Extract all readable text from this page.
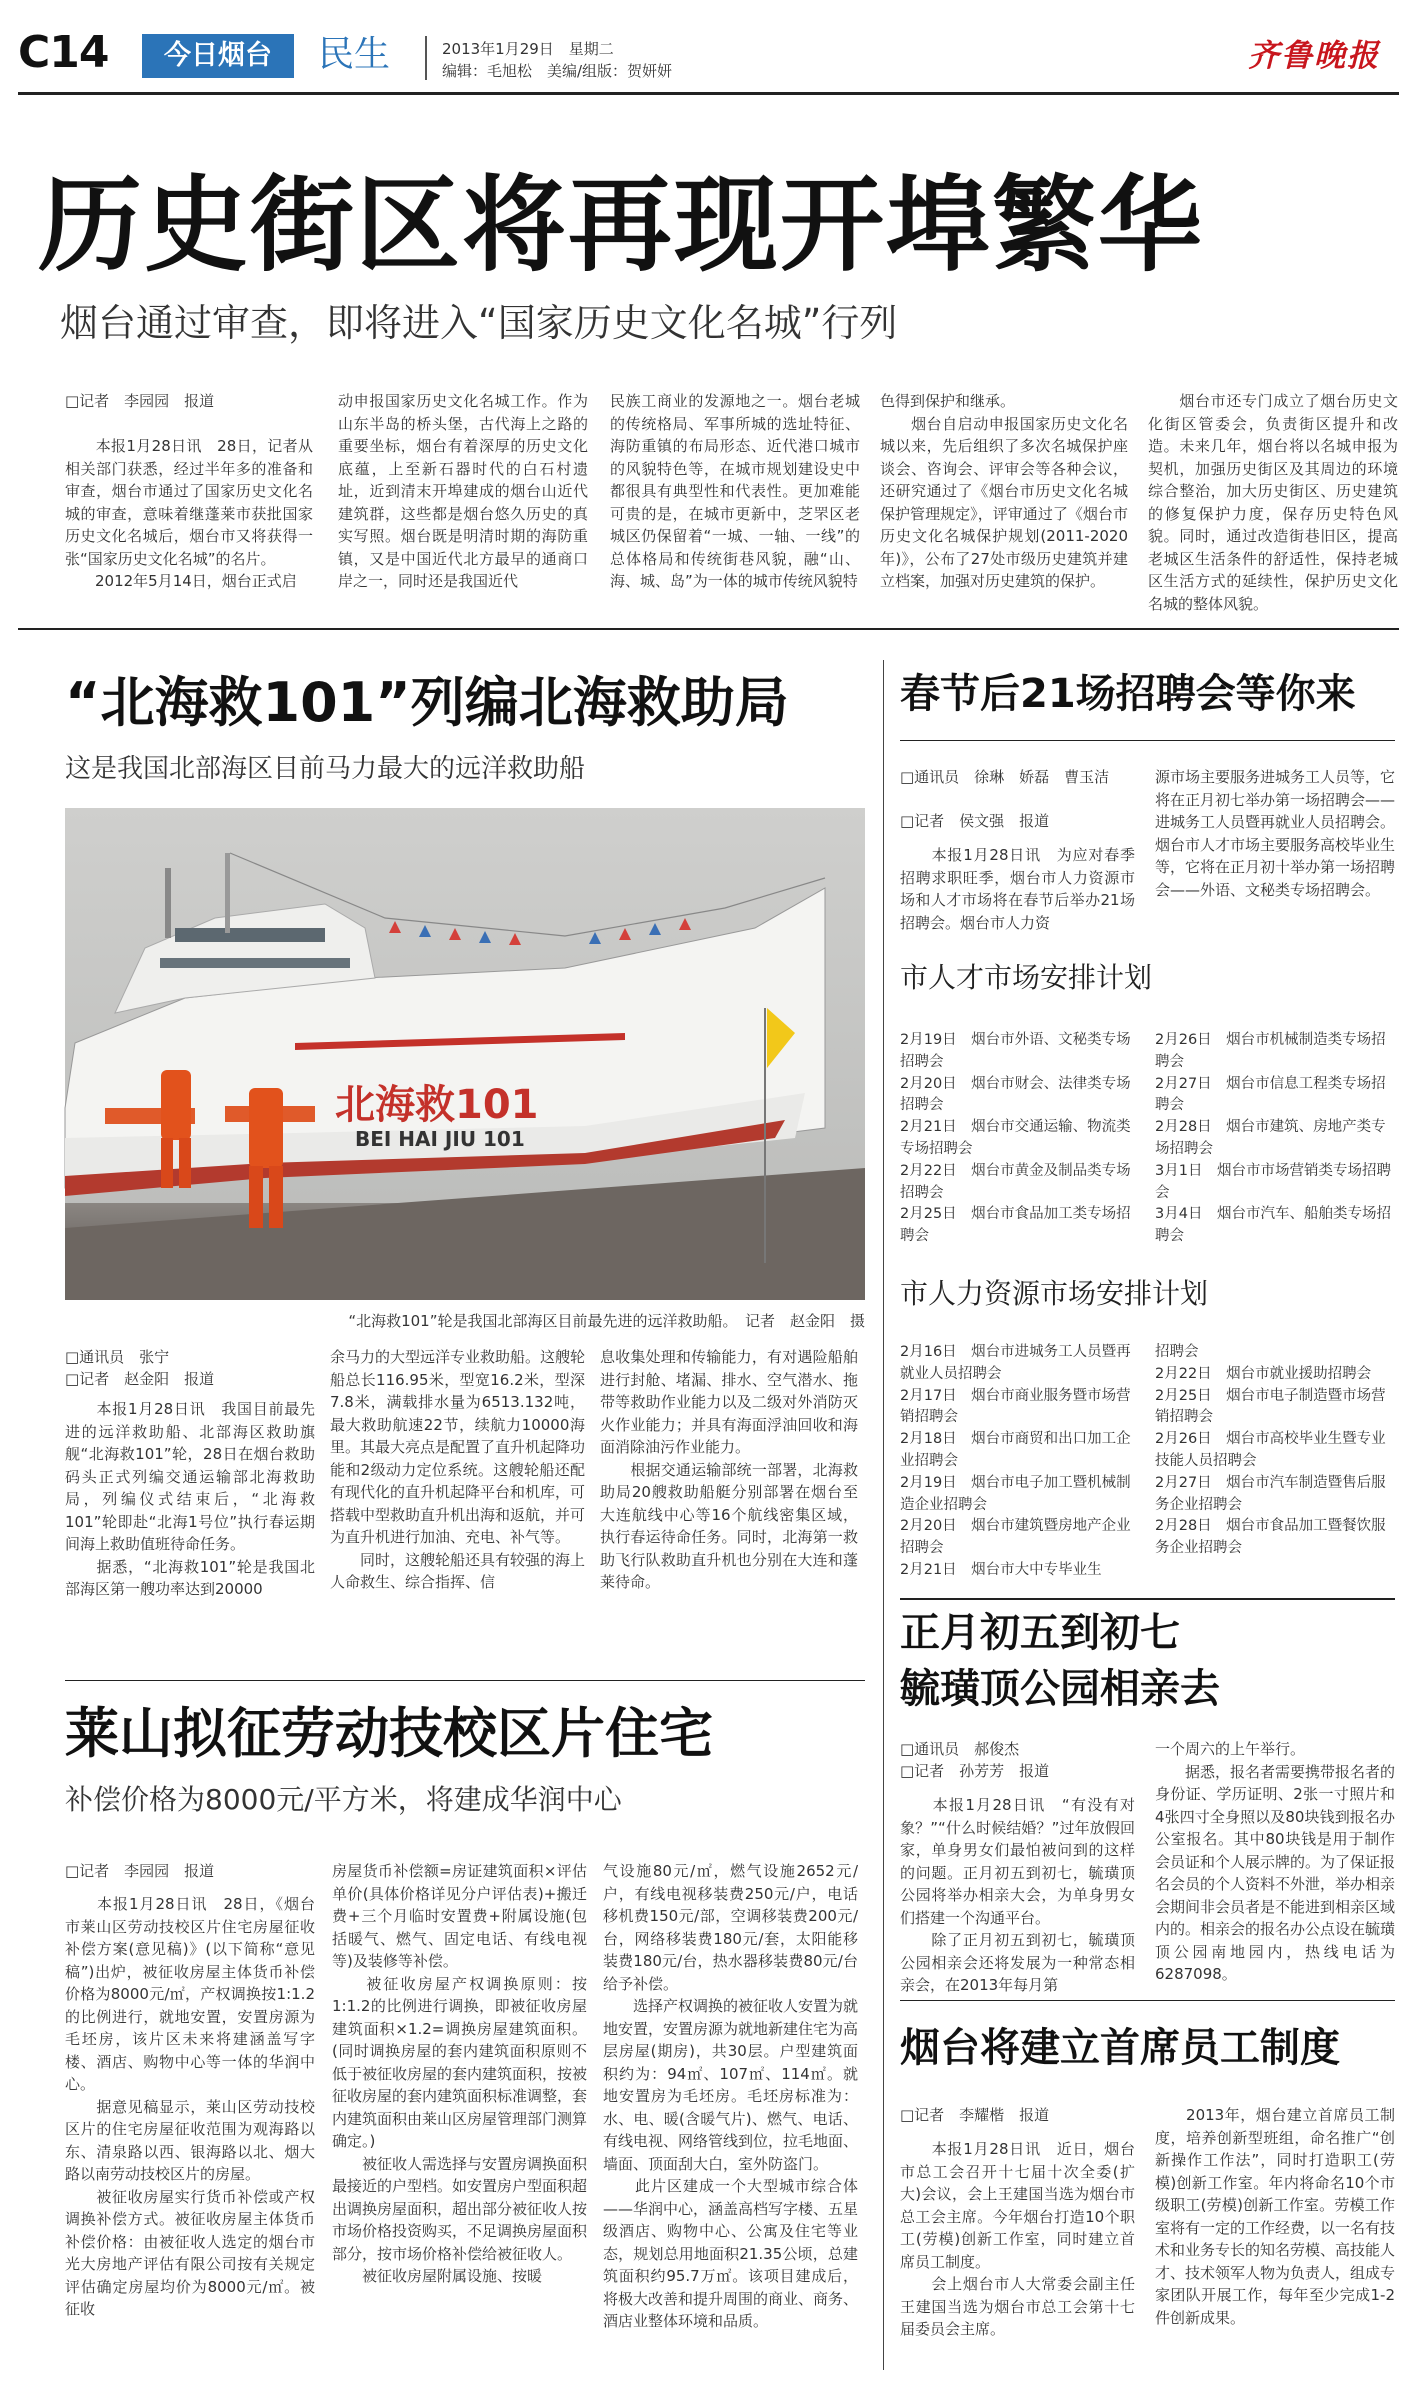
C14	今日烟台	民生	2013年1月29日　星期二
编辑：毛旭松　美编/组版：贺妍妍	齐鲁晚报
历史街区将再现开埠繁华
烟台通过审查，即将进入“国家历史文化名城”行列

□记者　李园园　报道

　　本报1月28日讯　28日，记者从相关部门获悉，经过半年多的准备和审查，烟台市通过了国家历史文化名城的审查，意味着继蓬莱市获批国家历史文化名城后，烟台市又将获得一张“国家历史文化名城”的名片。
　　2012年5月14日，烟台正式启

动申报国家历史文化名城工作。作为山东半岛的桥头堡，古代海上之路的重要坐标，烟台有着深厚的历史文化底蕴，上至新石器时代的白石村遗址，近到清末开埠建成的烟台山近代建筑群，这些都是烟台悠久历史的真实写照。烟台既是明清时期的海防重镇，又是中国近代北方最早的通商口岸之一，同时还是我国近代

民族工商业的发源地之一。烟台老城的传统格局、军事所城的选址特征、海防重镇的布局形态、近代港口城市的风貌特色等，在城市规划建设史中都很具有典型性和代表性。更加难能可贵的是，在城市更新中，芝罘区老城区仍保留着“一城、一轴、一线”的总体格局和传统街巷风貌，融“山、海、城、岛”为一体的城市传统风貌特

色得到保护和继承。
　　烟台自启动申报国家历史文化名城以来，先后组织了多次名城保护座谈会、咨询会、评审会等各种会议，还研究通过了《烟台市历史文化名城保护管理规定》，评审通过了《烟台市历史文化名城保护规划(2011-2020年)》，公布了27处市级历史建筑并建立档案，加强对历史建筑的保护。

　　烟台市还专门成立了烟台历史文化街区管委会，负责街区提升和改造。未来几年，烟台将以名城申报为契机，加强历史街区及其周边的环境综合整治，加大历史街区、历史建筑的修复保护力度，保存历史特色风貌。同时，通过改造街巷旧区，提高老城区生活条件的舒适性，保持老城区生活方式的延续性，保护历史文化名城的整体风貌。

“北海救101”列编北海救助局
这是我国北部海区目前马力最大的远洋救助船
北海救101
BEI HAI JIU 101
“北海救101”轮是我国北部海区目前最先进的远洋救助船。　记者　赵金阳　摄

□通讯员　张宁

□记者　赵金阳　报道

　　本报1月28日讯　我国目前最先进的远洋救助船、北部海区救助旗舰“北海救101”轮，28日在烟台救助码头正式列编交通运输部北海救助局，列编仪式结束后，“北海救101”轮即赴“北海1号位”执行春运期间海上救助值班待命任务。
　　据悉，“北海救101”轮是我国北部海区第一艘功率达到20000

余马力的大型远洋专业救助船。这艘轮船总长116.95米，型宽16.2米，型深7.8米，满载排水量为6513.132吨，最大救助航速22节，续航力10000海里。其最大亮点是配置了直升机起降功能和2级动力定位系统。这艘轮船还配有现代化的直升机起降平台和机库，可搭载中型救助直升机出海和返航，并可为直升机进行加油、充电、补气等。
　　同时，这艘轮船还具有较强的海上人命救生、综合指挥、信

息收集处理和传输能力，有对遇险船舶进行封舱、堵漏、排水、空气潜水、拖带等救助作业能力以及二级对外消防灭火作业能力；并具有海面浮油回收和海面消除油污作业能力。
　　根据交通运输部统一部署，北海救助局20艘救助船艇分别部署在烟台至大连航线中心等16个航线密集区域，执行春运待命任务。同时，北海第一救助飞行队救助直升机也分别在大连和蓬莱待命。

莱山拟征劳动技校区片住宅
补偿价格为8000元/平方米，将建成华润中心

□记者　李园园　报道

　　本报1月28日讯　28日，《烟台市莱山区劳动技校区片住宅房屋征收补偿方案(意见稿)》(以下简称“意见稿”)出炉，被征收房屋主体货币补偿价格为8000元/㎡，产权调换按1:1.2的比例进行，就地安置，安置房源为毛坯房，该片区未来将建涵盖写字楼、酒店、购物中心等一体的华润中心。
　　据意见稿显示，莱山区劳动技校区片的住宅房屋征收范围为观海路以东、清泉路以西、银海路以北、烟大路以南劳动技校区片的房屋。
　　被征收房屋实行货币补偿或产权调换补偿方式。被征收房屋主体货币补偿价格：由被征收人选定的烟台市光大房地产评估有限公司按有关规定评估确定房屋均价为8000元/㎡。被征收

房屋货币补偿额=房证建筑面积×评估单价(具体价格详见分户评估表)+搬迁费+三个月临时安置费+附属设施(包括暖气、燃气、固定电话、有线电视等)及装修等补偿。
　　被征收房屋产权调换原则：按1:1.2的比例进行调换，即被征收房屋建筑面积×1.2=调换房屋建筑面积。(同时调换房屋的套内建筑面积原则不低于被征收房屋的套内建筑面积，按被征收房屋的套内建筑面积标准调整，套内建筑面积由莱山区房屋管理部门测算确定。)
　　被征收人需选择与安置房调换面积最接近的户型档。如安置房户型面积超出调换房屋面积，超出部分被征收人按市场价格投资购买，不足调换房屋面积部分，按市场价格补偿给被征收人。
　　被征收房屋附属设施、按暖

气设施80元/㎡，燃气设施2652元/户，有线电视移装费250元/户，电话移机费150元/部，空调移装费200元/台，网络移装费180元/套，太阳能移装费180元/台，热水器移装费80元/台给予补偿。
　　选择产权调换的被征收人安置为就地安置，安置房源为就地新建住宅为高层房屋(期房)，共30层。户型建筑面积约为：94㎡、107㎡、114㎡。就地安置房为毛坯房。毛坯房标准为：水、电、暖(含暖气片)、燃气、电话、有线电视、网络管线到位，拉毛地面、墙面、顶面刮大白，室外防盗门。
　　此片区建成一个大型城市综合体——华润中心，涵盖高档写字楼、五星级酒店、购物中心、公寓及住宅等业态，规划总用地面积21.35公顷，总建筑面积约95.7万㎡。该项目建成后，将极大改善和提升周围的商业、商务、酒店业整体环境和品质。

春节后21场招聘会等你来

□通讯员　徐琳　娇磊　曹玉洁

□记者　侯文强　报道

　　本报1月28日讯　为应对春季招聘求职旺季，烟台市人力资源市场和人才市场将在春节后举办21场招聘会。烟台市人力资

源市场主要服务进城务工人员等，它将在正月初七举办第一场招聘会——进城务工人员暨再就业人员招聘会。烟台市人才市场主要服务高校毕业生等，它将在正月初十举办第一场招聘会——外语、文秘类专场招聘会。

市人才市场安排计划

2月19日　烟台市外语、文秘类专场招聘会
2月20日　烟台市财会、法律类专场招聘会
2月21日　烟台市交通运输、物流类专场招聘会
2月22日　烟台市黄金及制品类专场招聘会
2月25日　烟台市食品加工类专场招聘会

2月26日　烟台市机械制造类专场招聘会
2月27日　烟台市信息工程类专场招聘会
2月28日　烟台市建筑、房地产类专场招聘会
3月1日　烟台市市场营销类专场招聘会
3月4日　烟台市汽车、船舶类专场招聘会

市人力资源市场安排计划

2月16日　烟台市进城务工人员暨再就业人员招聘会
2月17日　烟台市商业服务暨市场营销招聘会
2月18日　烟台市商贸和出口加工企业招聘会
2月19日　烟台市电子加工暨机械制造企业招聘会
2月20日　烟台市建筑暨房地产企业招聘会
2月21日　烟台市大中专毕业生

招聘会
2月22日　烟台市就业援助招聘会
2月25日　烟台市电子制造暨市场营销招聘会
2月26日　烟台市高校毕业生暨专业技能人员招聘会
2月27日　烟台市汽车制造暨售后服务企业招聘会
2月28日　烟台市食品加工暨餐饮服务企业招聘会

正月初五到初七
毓璜顶公园相亲去

□通讯员　郝俊杰

□记者　孙芳芳　报道

　　本报1月28日讯　“有没有对象？”“什么时候结婚？”过年放假回家，单身男女们最怕被问到的这样的问题。正月初五到初七，毓璜顶公园将举办相亲大会，为单身男女们搭建一个沟通平台。
　　除了正月初五到初七，毓璜顶公园相亲会还将发展为一种常态相亲会，在2013年每月第

一个周六的上午举行。
　　据悉，报名者需要携带报名者的身份证、学历证明、2张一寸照片和4张四寸全身照以及80块钱到报名办公室报名。其中80块钱是用于制作会员证和个人展示牌的。为了保证报名会员的个人资料不外泄，举办相亲会期间非会员者是不能进到相亲区域内的。相亲会的报名办公点设在毓璜顶公园南地园内，热线电话为6287098。

烟台将建立首席员工制度

□记者　李耀楷　报道

　　本报1月28日讯　近日，烟台市总工会召开十七届十次全委(扩大)会议，会上王建国当选为烟台市总工会主席。今年烟台打造10个职工(劳模)创新工作室，同时建立首席员工制度。
　　会上烟台市人大常委会副主任王建国当选为烟台市总工会第十七届委员会主席。

　　2013年，烟台建立首席员工制度，培养创新型班组，命名推广“创新操作工作法”，同时打造职工(劳模)创新工作室。年内将命名10个市级职工(劳模)创新工作室。劳模工作室将有一定的工作经费，以一名有技术和业务专长的知名劳模、高技能人才、技术领军人物为负责人，组成专家团队开展工作，每年至少完成1-2件创新成果。
